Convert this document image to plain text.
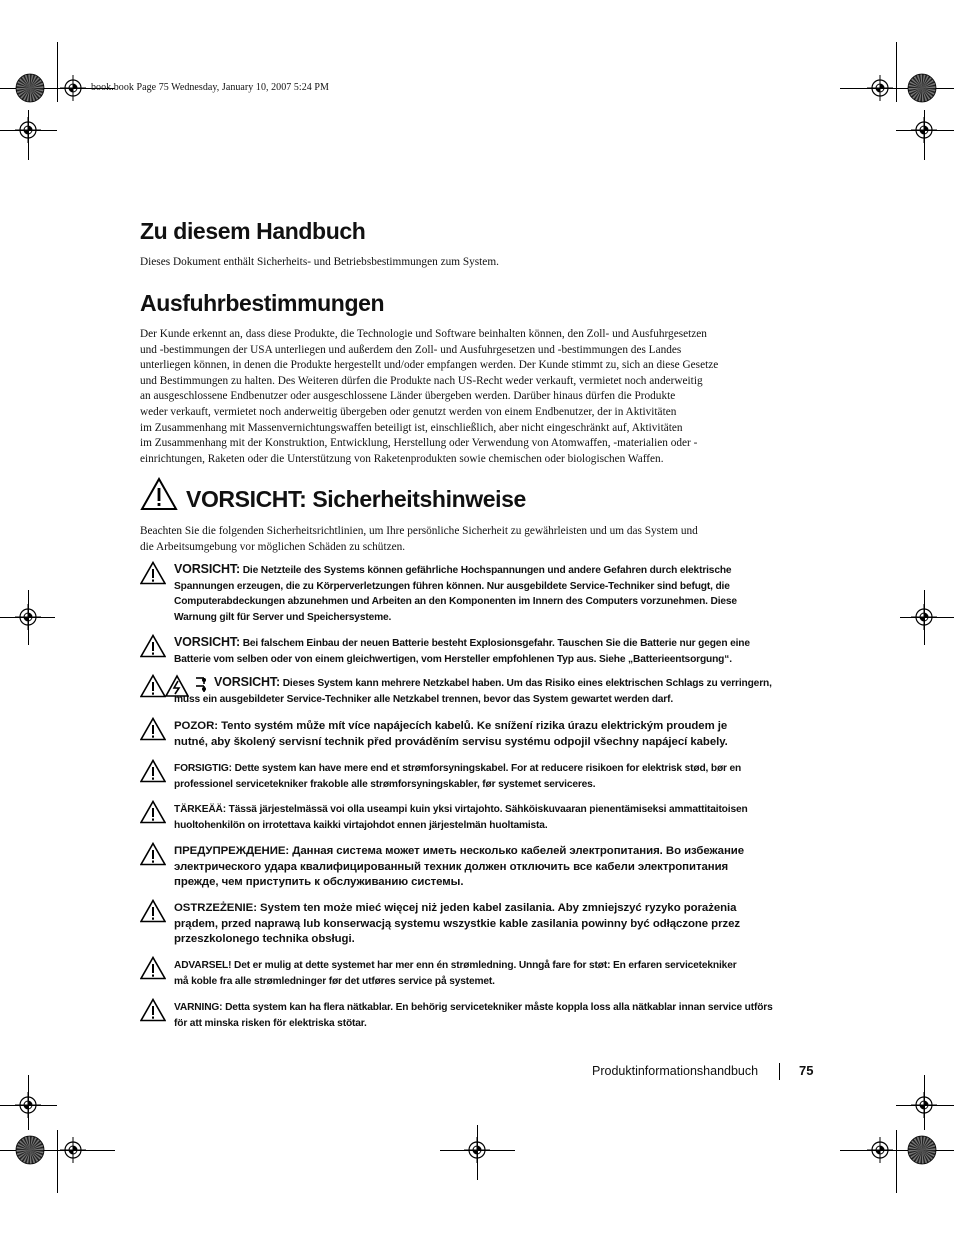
book.book Page 75 Wednesday, January 10, 2007 5:24 PM
Zu diesem Handbuch
Dieses Dokument enthält Sicherheits- und Betriebsbestimmungen zum System.
Ausfuhrbestimmungen
Der Kunde erkennt an, dass diese Produkte, die Technologie und Software beinhalten können, den Zoll- und Ausfuhrgesetzen
und -bestimmungen der USA unterliegen und außerdem den Zoll- und Ausfuhrgesetzen und -bestimmungen des Landes
unterliegen können, in denen die Produkte hergestellt und/oder empfangen werden. Der Kunde stimmt zu, sich an diese Gesetze
und Bestimmungen zu halten. Des Weiteren dürfen die Produkte nach US-Recht weder verkauft, vermietet noch anderweitig
an ausgeschlossene Endbenutzer oder ausgeschlossene Länder übergeben werden. Darüber hinaus dürfen die Produkte
weder verkauft, vermietet noch anderweitig übergeben oder genutzt werden von einem Endbenutzer, der in Aktivitäten
im Zusammenhang mit Massenvernichtungswaffen beteiligt ist, einschließlich, aber nicht eingeschränkt auf, Aktivitäten
im Zusammenhang mit der Konstruktion, Entwicklung, Herstellung oder Verwendung von Atomwaffen, -materialien oder -
einrichtungen, Raketen oder die Unterstützung von Raketenprodukten sowie chemischen oder biologischen Waffen.
VORSICHT: Sicherheitshinweise
Beachten Sie die folgenden Sicherheitsrichtlinien, um Ihre persönliche Sicherheit zu gewährleisten und um das System und
die Arbeitsumgebung vor möglichen Schäden zu schützen.
VORSICHT: Die Netzteile des Systems können gefährliche Hochspannungen und andere Gefahren durch elektrische
Spannungen erzeugen, die zu Körperverletzungen führen können. Nur ausgebildete Service-Techniker sind befugt, die
Computerabdeckungen abzunehmen und Arbeiten an den Komponenten im Innern des Computers vorzunehmen. Diese
Warnung gilt für Server und Speichersysteme.
VORSICHT: Bei falschem Einbau der neuen Batterie besteht Explosionsgefahr. Tauschen Sie die Batterie nur gegen eine
Batterie vom selben oder von einem gleichwertigen, vom Hersteller empfohlenen Typ aus. Siehe „Batterieentsorgung“.
VORSICHT: Dieses System kann mehrere Netzkabel haben. Um das Risiko eines elektrischen Schlags zu verringern,
muss ein ausgebildeter Service-Techniker alle Netzkabel trennen, bevor das System gewartet werden darf.
POZOR: Tento systém může mít více napájecích kabelů. Ke snížení rizika úrazu elektrickým proudem je
nutné, aby školený servisní technik před prováděním servisu systému odpojil všechny napájecí kabely.
FORSIGTIG: Dette system kan have mere end et strømforsyningskabel. For at reducere risikoen for elektrisk stød, bør en
professionel servicetekniker frakoble alle strømforsyningskabler, før systemet serviceres.
TÄRKEÄÄ: Tässä järjestelmässä voi olla useampi kuin yksi virtajohto. Sähköiskuvaaran pienentämiseksi ammattitaitoisen
huoltohenkilön on irrotettava kaikki virtajohdot ennen järjestelmän huoltamista.
ПРЕДУПРЕЖДЕНИЕ: Данная система может иметь несколько кабелей электропитания. Во избежание
электрического удара квалифицированный техник должен отключить все кабели электропитания
прежде, чем приступить к обслуживанию системы.
OSTRZEŻENIE: System ten może mieć więcej niż jeden kabel zasilania. Aby zmniejszyć ryzyko porażenia
prądem, przed naprawą lub konserwacją systemu wszystkie kable zasilania powinny być odłączone przez
przeszkolonego technika obsługi.
ADVARSEL! Det er mulig at dette systemet har mer enn én strømledning. Unngå fare for støt: En erfaren servicetekniker
må koble fra alle strømledninger før det utføres service på systemet.
VARNING: Detta system kan ha flera nätkablar. En behörig servicetekniker måste koppla loss alla nätkablar innan service utförs
för att minska risken för elektriska stötar.
Produktinformationshandbuch	75
